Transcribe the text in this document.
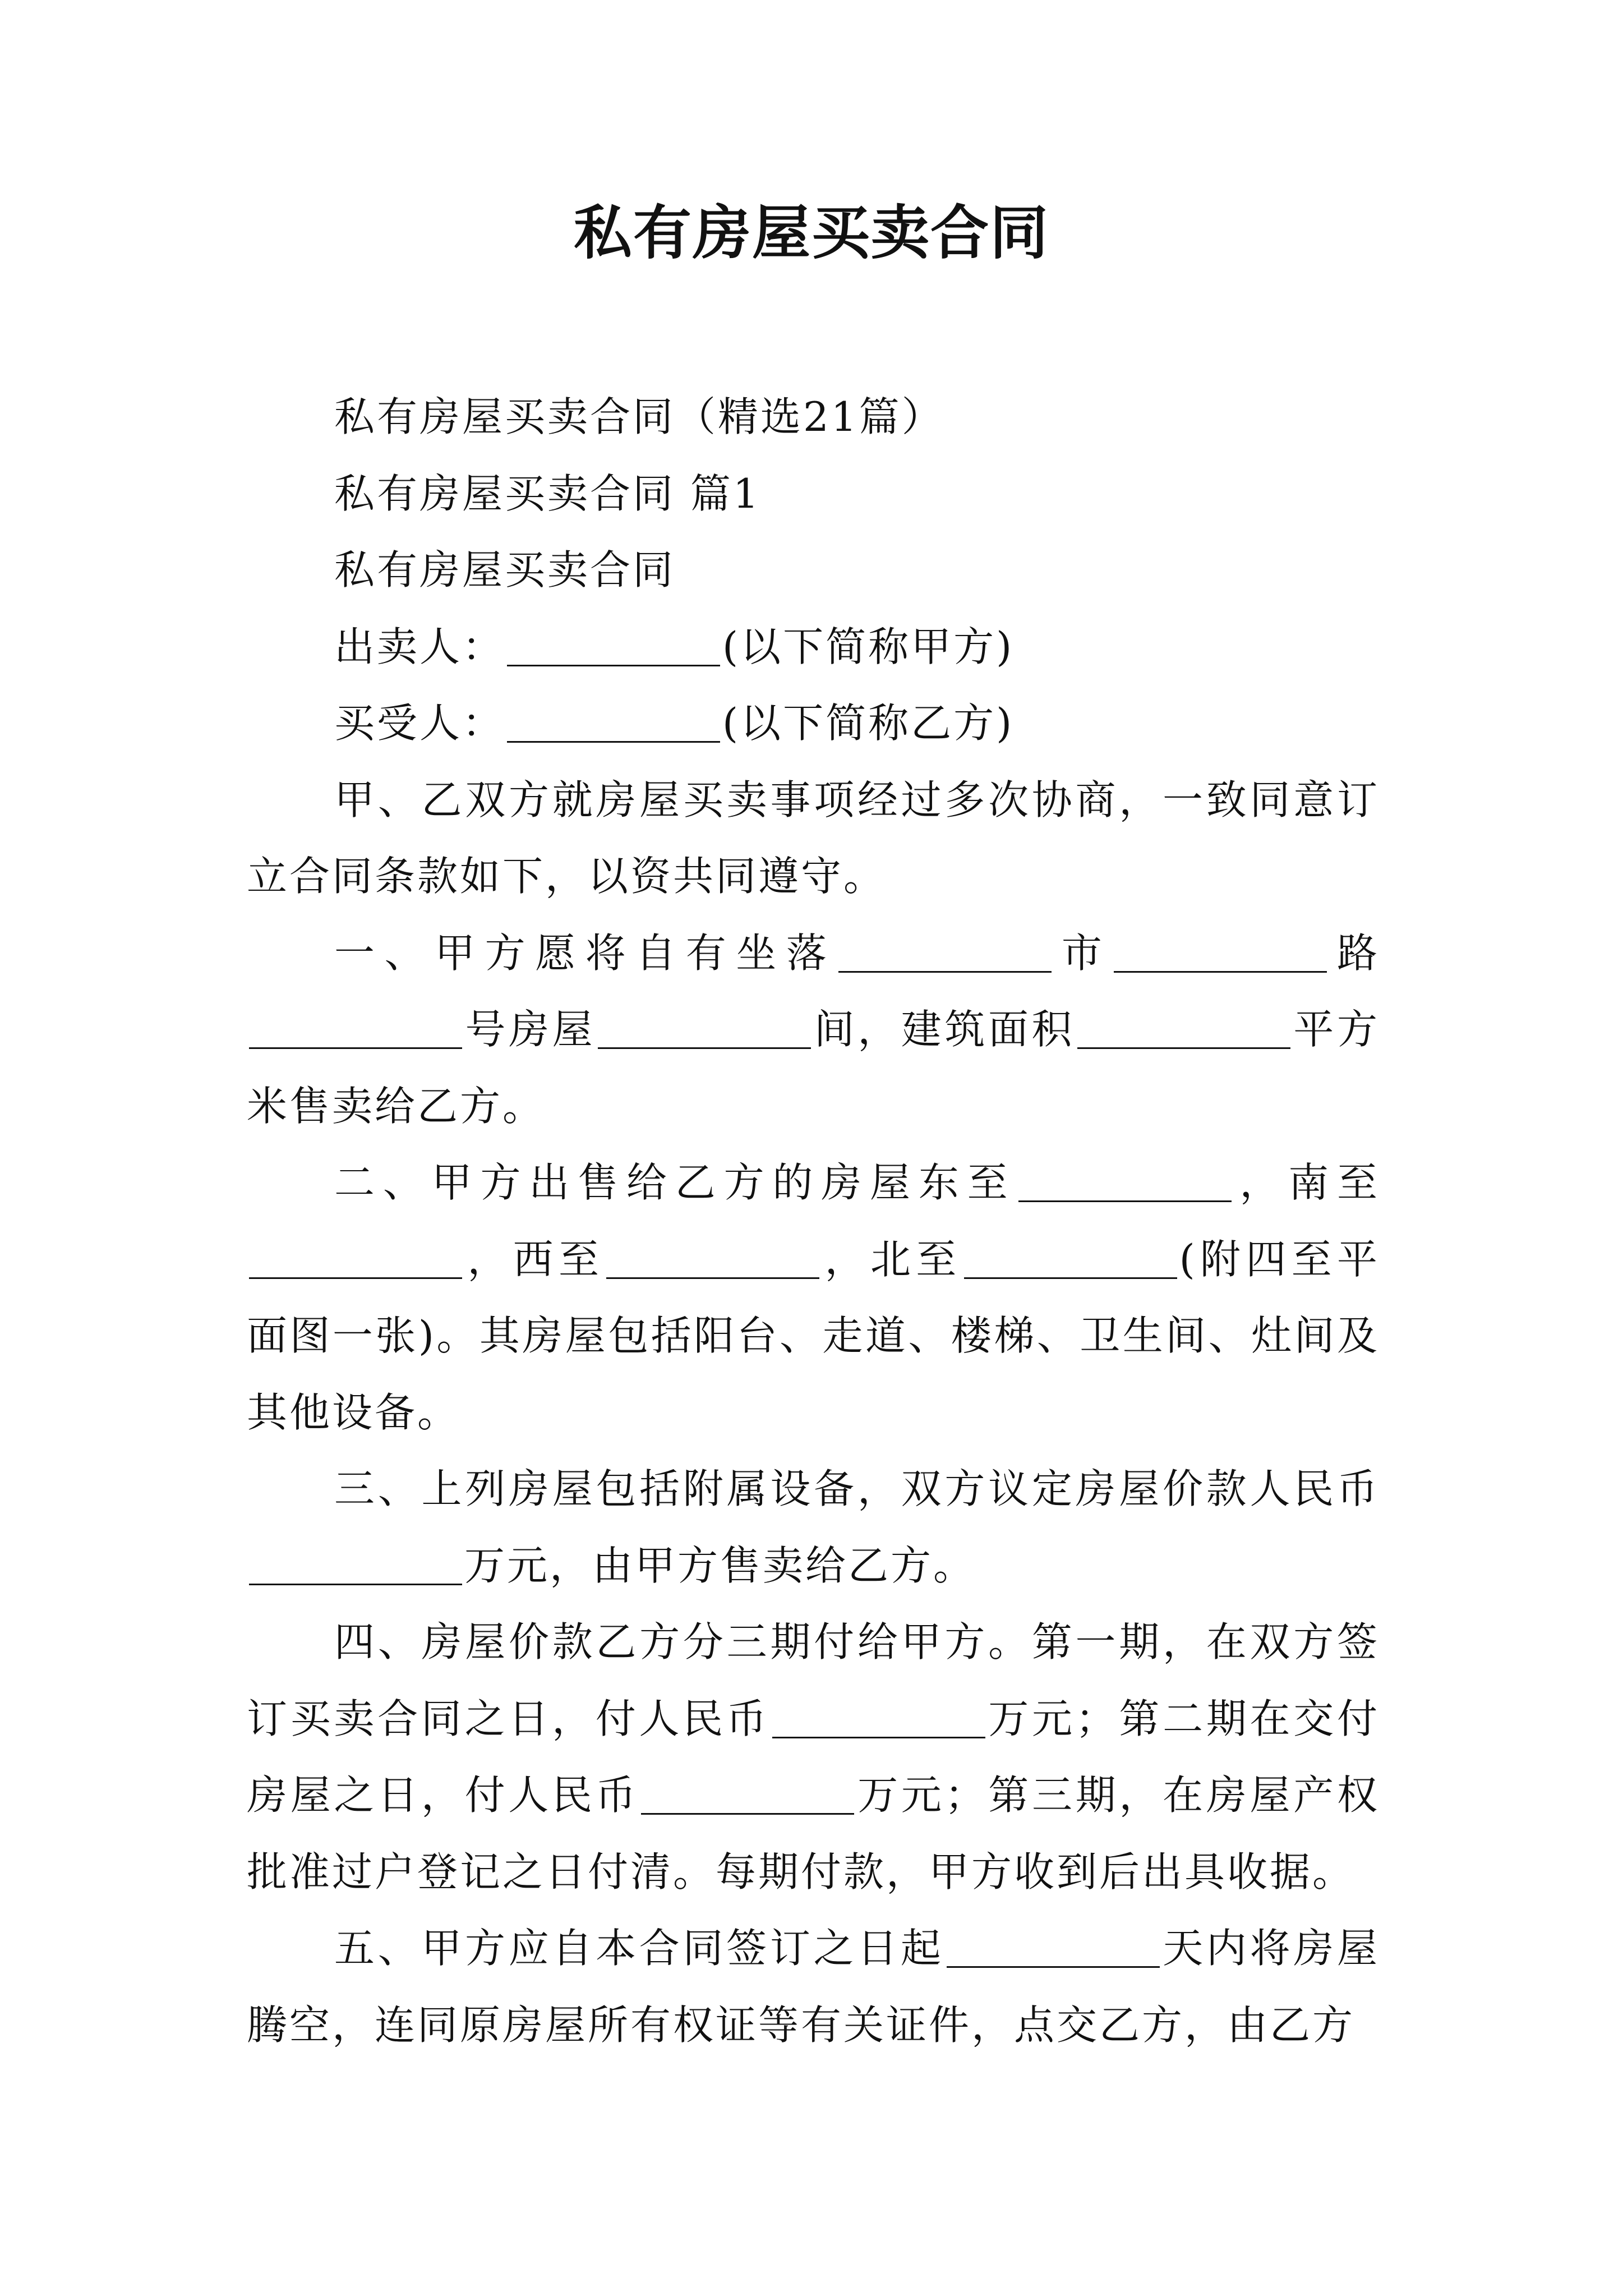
私有房屋买卖合同

私有房屋买卖合同（精选21篇）

私有房屋买卖合同 篇1

私有房屋买卖合同

出卖人：	(以下简称甲方)

买受人：	(以下简称乙方)

甲、乙双方就房屋买卖事项经过多次协商，一致同意订立合同条款如下，以资共同遵守。

一、甲方愿将自有坐落	市	路号房屋	间，建筑面积	平方米售卖给乙方。

二、甲方出售给乙方的房屋东至	，南至，西至	，北至	(附四至平面图一张)。其房屋包括阳台、走道、楼梯、卫生间、灶间及其他设备。

三、上列房屋包括附属设备，双方议定房屋价款人民币万元，由甲方售卖给乙方。

四、房屋价款乙方分三期付给甲方。第一期，在双方签订买卖合同之日，付人民币	万元；第二期在交付房屋之日，付人民币	万元；第三期，在房屋产权批准过户登记之日付清。每期付款，甲方收到后出具收据。

五、甲方应自本合同签订之日起	天内将房屋腾空，连同原房屋所有权证等有关证件，点交乙方，由乙方
